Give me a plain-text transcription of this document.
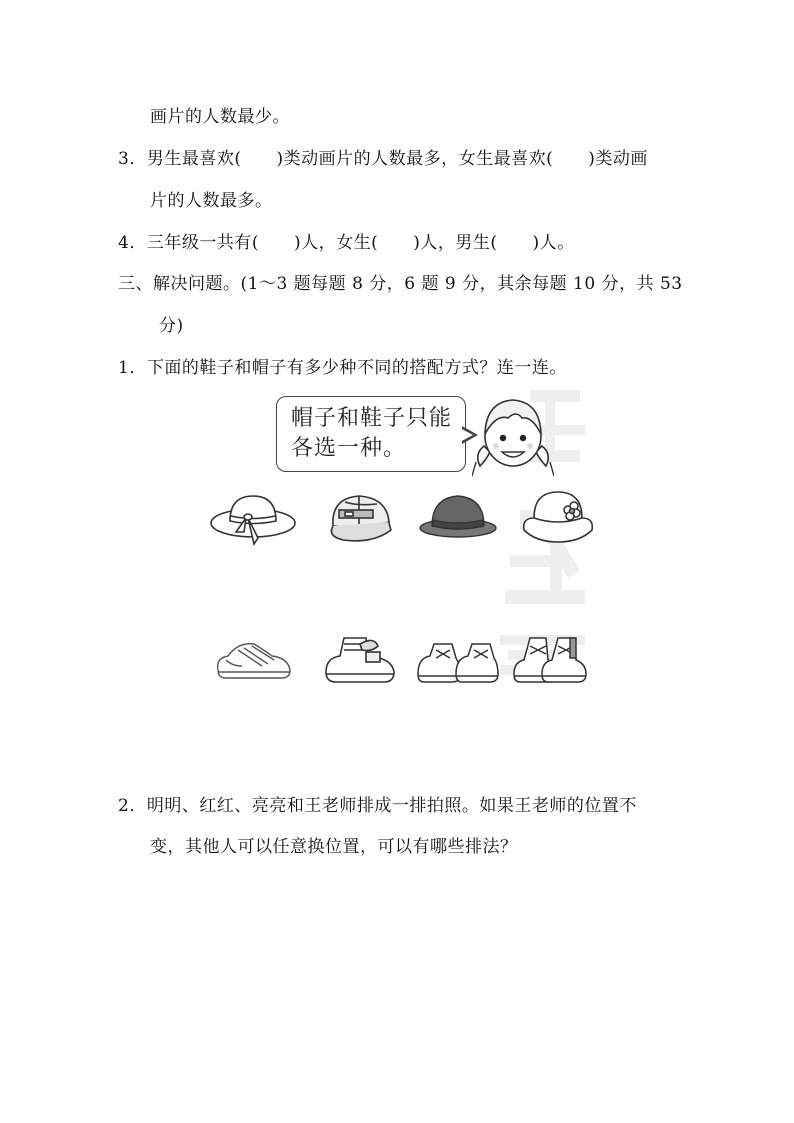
画片的人数最少。
3．男生最喜欢(　　)类动画片的人数最多，女生最喜欢(　　)类动画
片的人数最多。
4．三年级一共有(　　)人，女生(　　)人，男生(　　)人。
三、解决问题。(1～3 题每题 8 分，6 题 9 分，其余每题 10 分，共 53
分)
1．下面的鞋子和帽子有多少种不同的搭配方式？连一连。
帽子和鞋子只能
各选一种。
2．明明、红红、亮亮和王老师排成一排拍照。如果王老师的位置不
变，其他人可以任意换位置，可以有哪些排法？
